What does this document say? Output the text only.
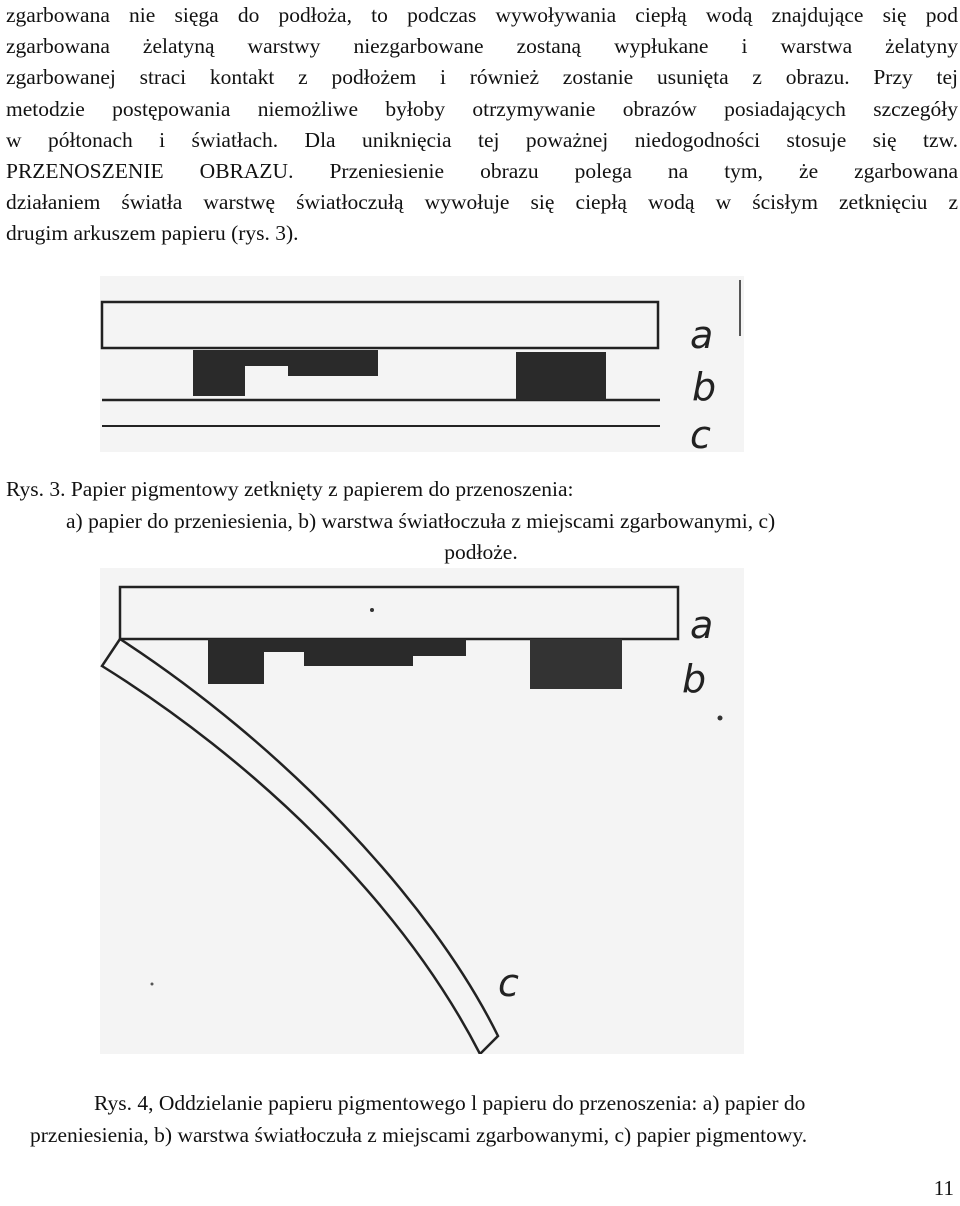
zgarbowana nie sięga do podłoża, to podczas wywoływania ciepłą wodą znajdujące się pod
zgarbowana żelatyną warstwy niezgarbowane zostaną wypłukane i warstwa żelatyny
zgarbowanej straci kontakt z podłożem i również zostanie usunięta z obrazu. Przy tej
metodzie postępowania niemożliwe byłoby otrzymywanie obrazów posiadających szczegóły
w półtonach i światłach. Dla uniknięcia tej poważnej niedogodności stosuje się tzw.
PRZENOSZENIE OBRAZU. Przeniesienie obrazu polega na tym, że zgarbowana
działaniem światła warstwę światłoczułą wywołuje się ciepłą wodą w ścisłym zetknięciu z
drugim arkuszem papieru (rys. 3).
a
b
c
Rys. 3. Papier pigmentowy zetknięty z papierem do przenoszenia:
a) papier do przeniesienia, b) warstwa światłoczuła z miejscami zgarbowanymi, c)
podłoże.
a
b
c
Rys. 4, Oddzielanie papieru pigmentowego l papieru do przenoszenia: a) papier do
przeniesienia, b) warstwa światłoczuła z miejscami zgarbowanymi, c) papier pigmentowy.
11
